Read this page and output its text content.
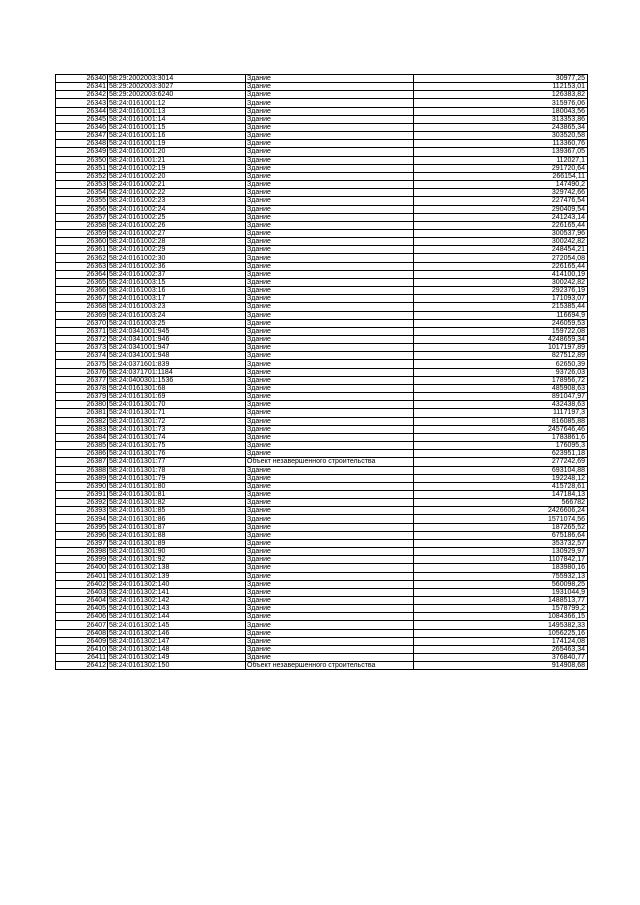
26340	58:29:2002003:3014	Здание	30977,25
26341	58:29:2002003:3027	Здание	112153,01
26342	58:29:2002003:6240	Здание	126383,82
26343	58:24:0161001:12	Здание	315976,06
26344	58:24:0161001:13	Здание	180043,56
26345	58:24:0161001:14	Здание	313353,86
26346	58:24:0161001:15	Здание	243865,34
26347	58:24:0161001:16	Здание	303520,58
26348	58:24:0161001:19	Здание	113360,76
26349	58:24:0161001:20	Здание	139367,05
26350	58:24:0161001:21	Здание	112027,1
26351	58:24:0161002:19	Здание	291720,64
26352	58:24:0161002:20	Здание	266154,11
26353	58:24:0161002:21	Здание	147490,2
26354	58:24:0161002:22	Здание	329742,66
26355	58:24:0161002:23	Здание	227476,54
26356	58:24:0161002:24	Здание	290409,54
26357	58:24:0161002:25	Здание	241243,14
26358	58:24:0161002:26	Здание	226165,44
26359	58:24:0161002:27	Здание	300537,96
26360	58:24:0161002:28	Здание	300242,82
26361	58:24:0161002:29	Здание	248454,21
26362	58:24:0161002:30	Здание	272054,08
26363	58:24:0161002:36	Здание	226165,44
26364	58:24:0161002:37	Здание	414100,19
26365	58:24:0161003:15	Здание	300242,82
26366	58:24:0161003:16	Здание	292376,19
26367	58:24:0161003:17	Здание	171093,07
26368	58:24:0161003:23	Здание	215385,44
26369	58:24:0161003:24	Здание	116694,9
26370	58:24:0161003:25	Здание	246059,53
26371	58:24:0341001:945	Здание	159722,08
26372	58:24:0341001:946	Здание	4248659,34
26373	58:24:0341001:947	Здание	1017197,89
26374	58:24:0341001:948	Здание	827512,89
26375	58:24:0371601:839	Здание	62650,39
26376	58:24:0371701:1184	Здание	93726,03
26377	58:24:0400301:1536	Здание	178956,72
26378	58:24:0161301:68	Здание	485908,63
26379	58:24:0161301:69	Здание	891047,97
26380	58:24:0161301:70	Здание	432438,63
26381	58:24:0161301:71	Здание	1117197,3
26382	58:24:0161301:72	Здание	816085,88
26383	58:24:0161301:73	Здание	2457646,46
26384	58:24:0161301:74	Здание	1783861,6
26385	58:24:0161301:75	Здание	176095,3
26386	58:24:0161301:76	Здание	623951,18
26387	58:24:0161301:77	Объект незавершенного строительства	277242,69
26388	58:24:0161301:78	Здание	693104,88
26389	58:24:0161301:79	Здание	192248,12
26390	58:24:0161301:80	Здание	415728,61
26391	58:24:0161301:81	Здание	147184,13
26392	58:24:0161301:82	Здание	566782
26393	58:24:0161301:85	Здание	2426606,24
26394	58:24:0161301:86	Здание	1571074,56
26395	58:24:0161301:87	Здание	187265,52
26396	58:24:0161301:88	Здание	675186,64
26397	58:24:0161301:89	Здание	353732,57
26398	58:24:0161301:90	Здание	130929,97
26399	58:24:0161301:92	Здание	1107842,17
26400	58:24:0161302:138	Здание	183980,16
26401	58:24:0161302:139	Здание	755932,13
26402	58:24:0161302:140	Здание	560098,25
26403	58:24:0161302:141	Здание	1931044,9
26404	58:24:0161302:142	Здание	1488513,77
26405	58:24:0161302:143	Здание	1578799,2
26406	58:24:0161302:144	Здание	1084366,15
26407	58:24:0161302:145	Здание	1495382,33
26408	58:24:0161302:146	Здание	1056225,16
26409	58:24:0161302:147	Здание	174124,08
26410	58:24:0161302:148	Здание	265463,34
26411	58:24:0161302:149	Здание	376840,77
26412	58:24:0161302:150	Объект незавершенного строительства	914908,68
